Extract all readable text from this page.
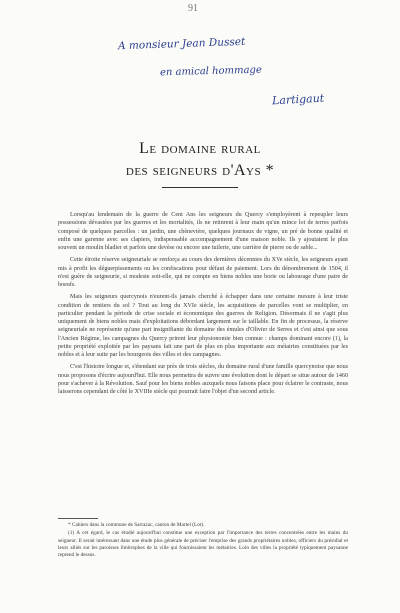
91
A monsieur Jean Dusset
en amical hommage
Lartigaut
Le domaine rural
des seigneurs d'Ays *

Lorsqu'au lendemain de la guerre de Cent Ans les seigneurs du Quercy s'employèrent à repeupler leurs possessions dévastées par les guerres et les mortalités, ils ne retinrent à leur main qu'un mince lot de terres parfois composé de quelques parcelles : un jardin, une chènevière, quelques journaux de vigne, un pré de bonne qualité et enfin une garenne avec ses clapiers, indispensable accompagnement d'une maison noble. Ils y ajoutaient le plus souvent un moulin bladier et parfois une devèse ou encore une tuilerie, une carrière de pierre ou de sable...

Cette étroite réserve seigneuriale se renforça au cours des dernières décennies du XVe siècle, les seigneurs ayant mis à profit les déguerpissements ou les confiscations pour défaut de paiement. Lors du dénombrement de 1504, il n'est guère de seigneurie, si modeste soit-elle, qui ne compte en biens nobles une borie ou labourage d'une paire de boeufs.

Mais les seigneurs quercynois n'eurent-ils jamais cherché à échapper dans une certaine mesure à leur triste condition de rentiers du sol ? Tout au long du XVIe siècle, les acquisitions de parcelles vont se multiplier, en particulier pendant la période de crise sociale et économique des guerres de Religion. Désormais il ne s'agit plus uniquement de biens nobles mais d'exploitations débordant largement sur le taillable. En fin de processus, la réserve seigneuriale ne représente qu'une part insignifiante du domaine des émules d'Olivier de Serres et c'est ainsi que sous l'Ancien Régime, les campagnes du Quercy prirent leur physionomie bien connue : champs dominant encore (1), la petite propriété exploitée par les paysans fait une part de plus en plus importante aux métairies constituées par les nobles et à leur suite par les bourgeois des villes et des campagnes.

C'est l'histoire longue et, s'étendant sur près de trois siècles, du domaine rural d'une famille quercynoise que nous nous proposons d'écrire aujourd'hui. Elle nous permettra de suivre une évolution dont le départ se situe autour de 1460 pour s'achever à la Révolution. Sauf pour les biens nobles auxquels nous faisons place pour éclairer le contraste, nous laisserons cependant de côté le XVIIIe siècle qui pourrait faire l'objet d'un second article.

* Cahiers dans la commune de Sarrazac, canton de Martel (Lot).

(1) A cet égard, le cas étudié aujourd'hui constitue une exception par l'importance des terres concentrées entre les mains du seigneur. Il serait intéressant dans une étude plus générale de préciser l'emprise des grands propriétaires nobles, officiers du présidial et leurs alliés sur les paroisses limitrophes de la ville qui fournissaient les métairies. Loin des villes la propriété typiquement paysanne reprend le dessus.
